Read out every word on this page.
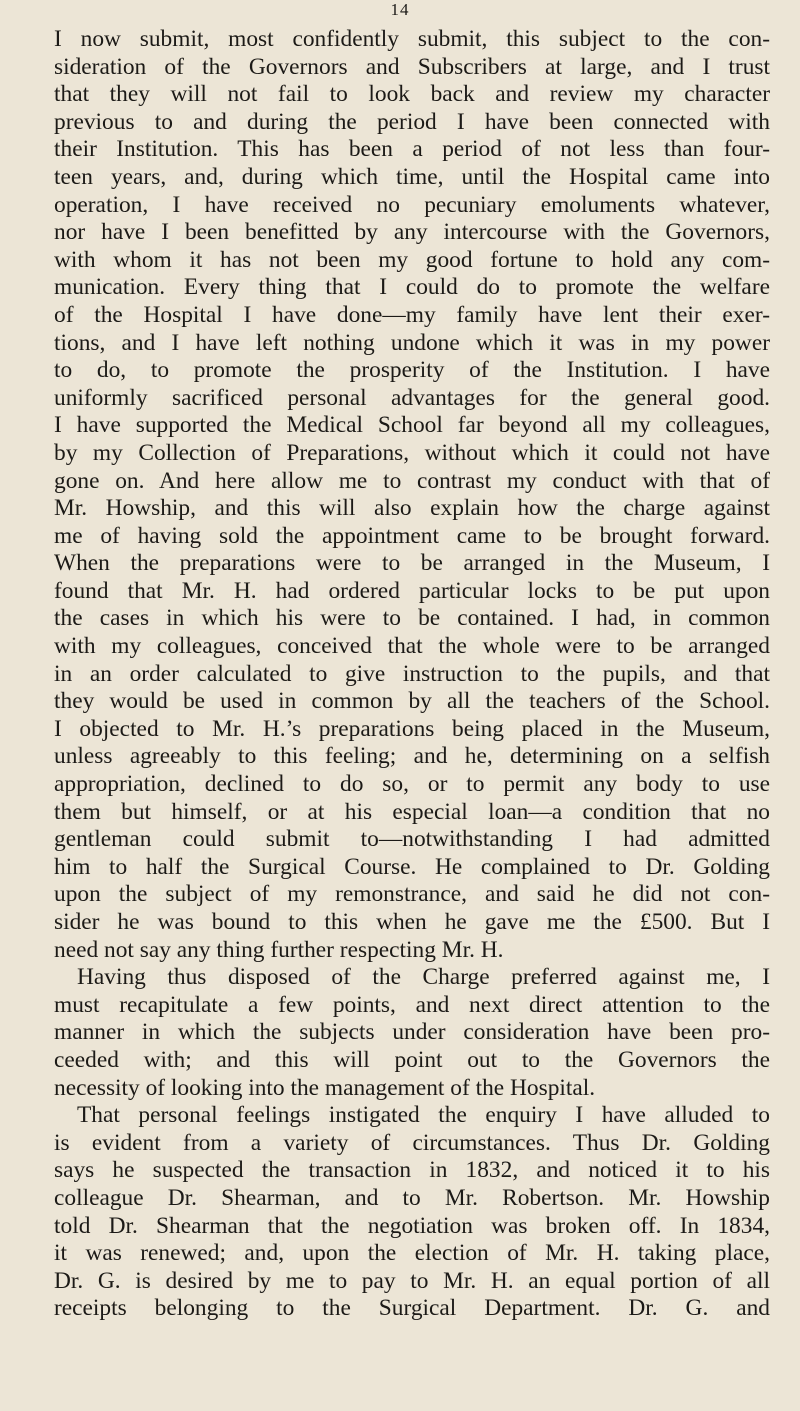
14
I now submit, most confidently submit, this subject to the con-
sideration of the Governors and Subscribers at large, and I trust
that they will not fail to look back and review my character
previous to and during the period I have been connected with
their Institution. This has been a period of not less than four-
teen years, and, during which time, until the Hospital came into
operation, I have received no pecuniary emoluments whatever,
nor have I been benefitted by any intercourse with the Governors,
with whom it has not been my good fortune to hold any com-
munication. Every thing that I could do to promote the welfare
of the Hospital I have done—my family have lent their exer-
tions, and I have left nothing undone which it was in my power
to do, to promote the prosperity of the Institution. I have
uniformly sacrificed personal advantages for the general good.
I have supported the Medical School far beyond all my colleagues,
by my Collection of Preparations, without which it could not have
gone on. And here allow me to contrast my conduct with that of
Mr. Howship, and this will also explain how the charge against
me of having sold the appointment came to be brought forward.
When the preparations were to be arranged in the Museum, I
found that Mr. H. had ordered particular locks to be put upon
the cases in which his were to be contained. I had, in common
with my colleagues, conceived that the whole were to be arranged
in an order calculated to give instruction to the pupils, and that
they would be used in common by all the teachers of the School.
I objected to Mr. H.’s preparations being placed in the Museum,
unless agreeably to this feeling; and he, determining on a selfish
appropriation, declined to do so, or to permit any body to use
them but himself, or at his especial loan—a condition that no
gentleman could submit to—notwithstanding I had admitted
him to half the Surgical Course. He complained to Dr. Golding
upon the subject of my remonstrance, and said he did not con-
sider he was bound to this when he gave me the £500. But I
need not say any thing further respecting Mr. H.
Having thus disposed of the Charge preferred against me, I
must recapitulate a few points, and next direct attention to the
manner in which the subjects under consideration have been pro-
ceeded with; and this will point out to the Governors the
necessity of looking into the management of the Hospital.
That personal feelings instigated the enquiry I have alluded to
is evident from a variety of circumstances. Thus Dr. Golding
says he suspected the transaction in 1832, and noticed it to his
colleague Dr. Shearman, and to Mr. Robertson. Mr. Howship
told Dr. Shearman that the negotiation was broken off. In 1834,
it was renewed; and, upon the election of Mr. H. taking place,
Dr. G. is desired by me to pay to Mr. H. an equal portion of all
receipts belonging to the Surgical Department. Dr. G. and
